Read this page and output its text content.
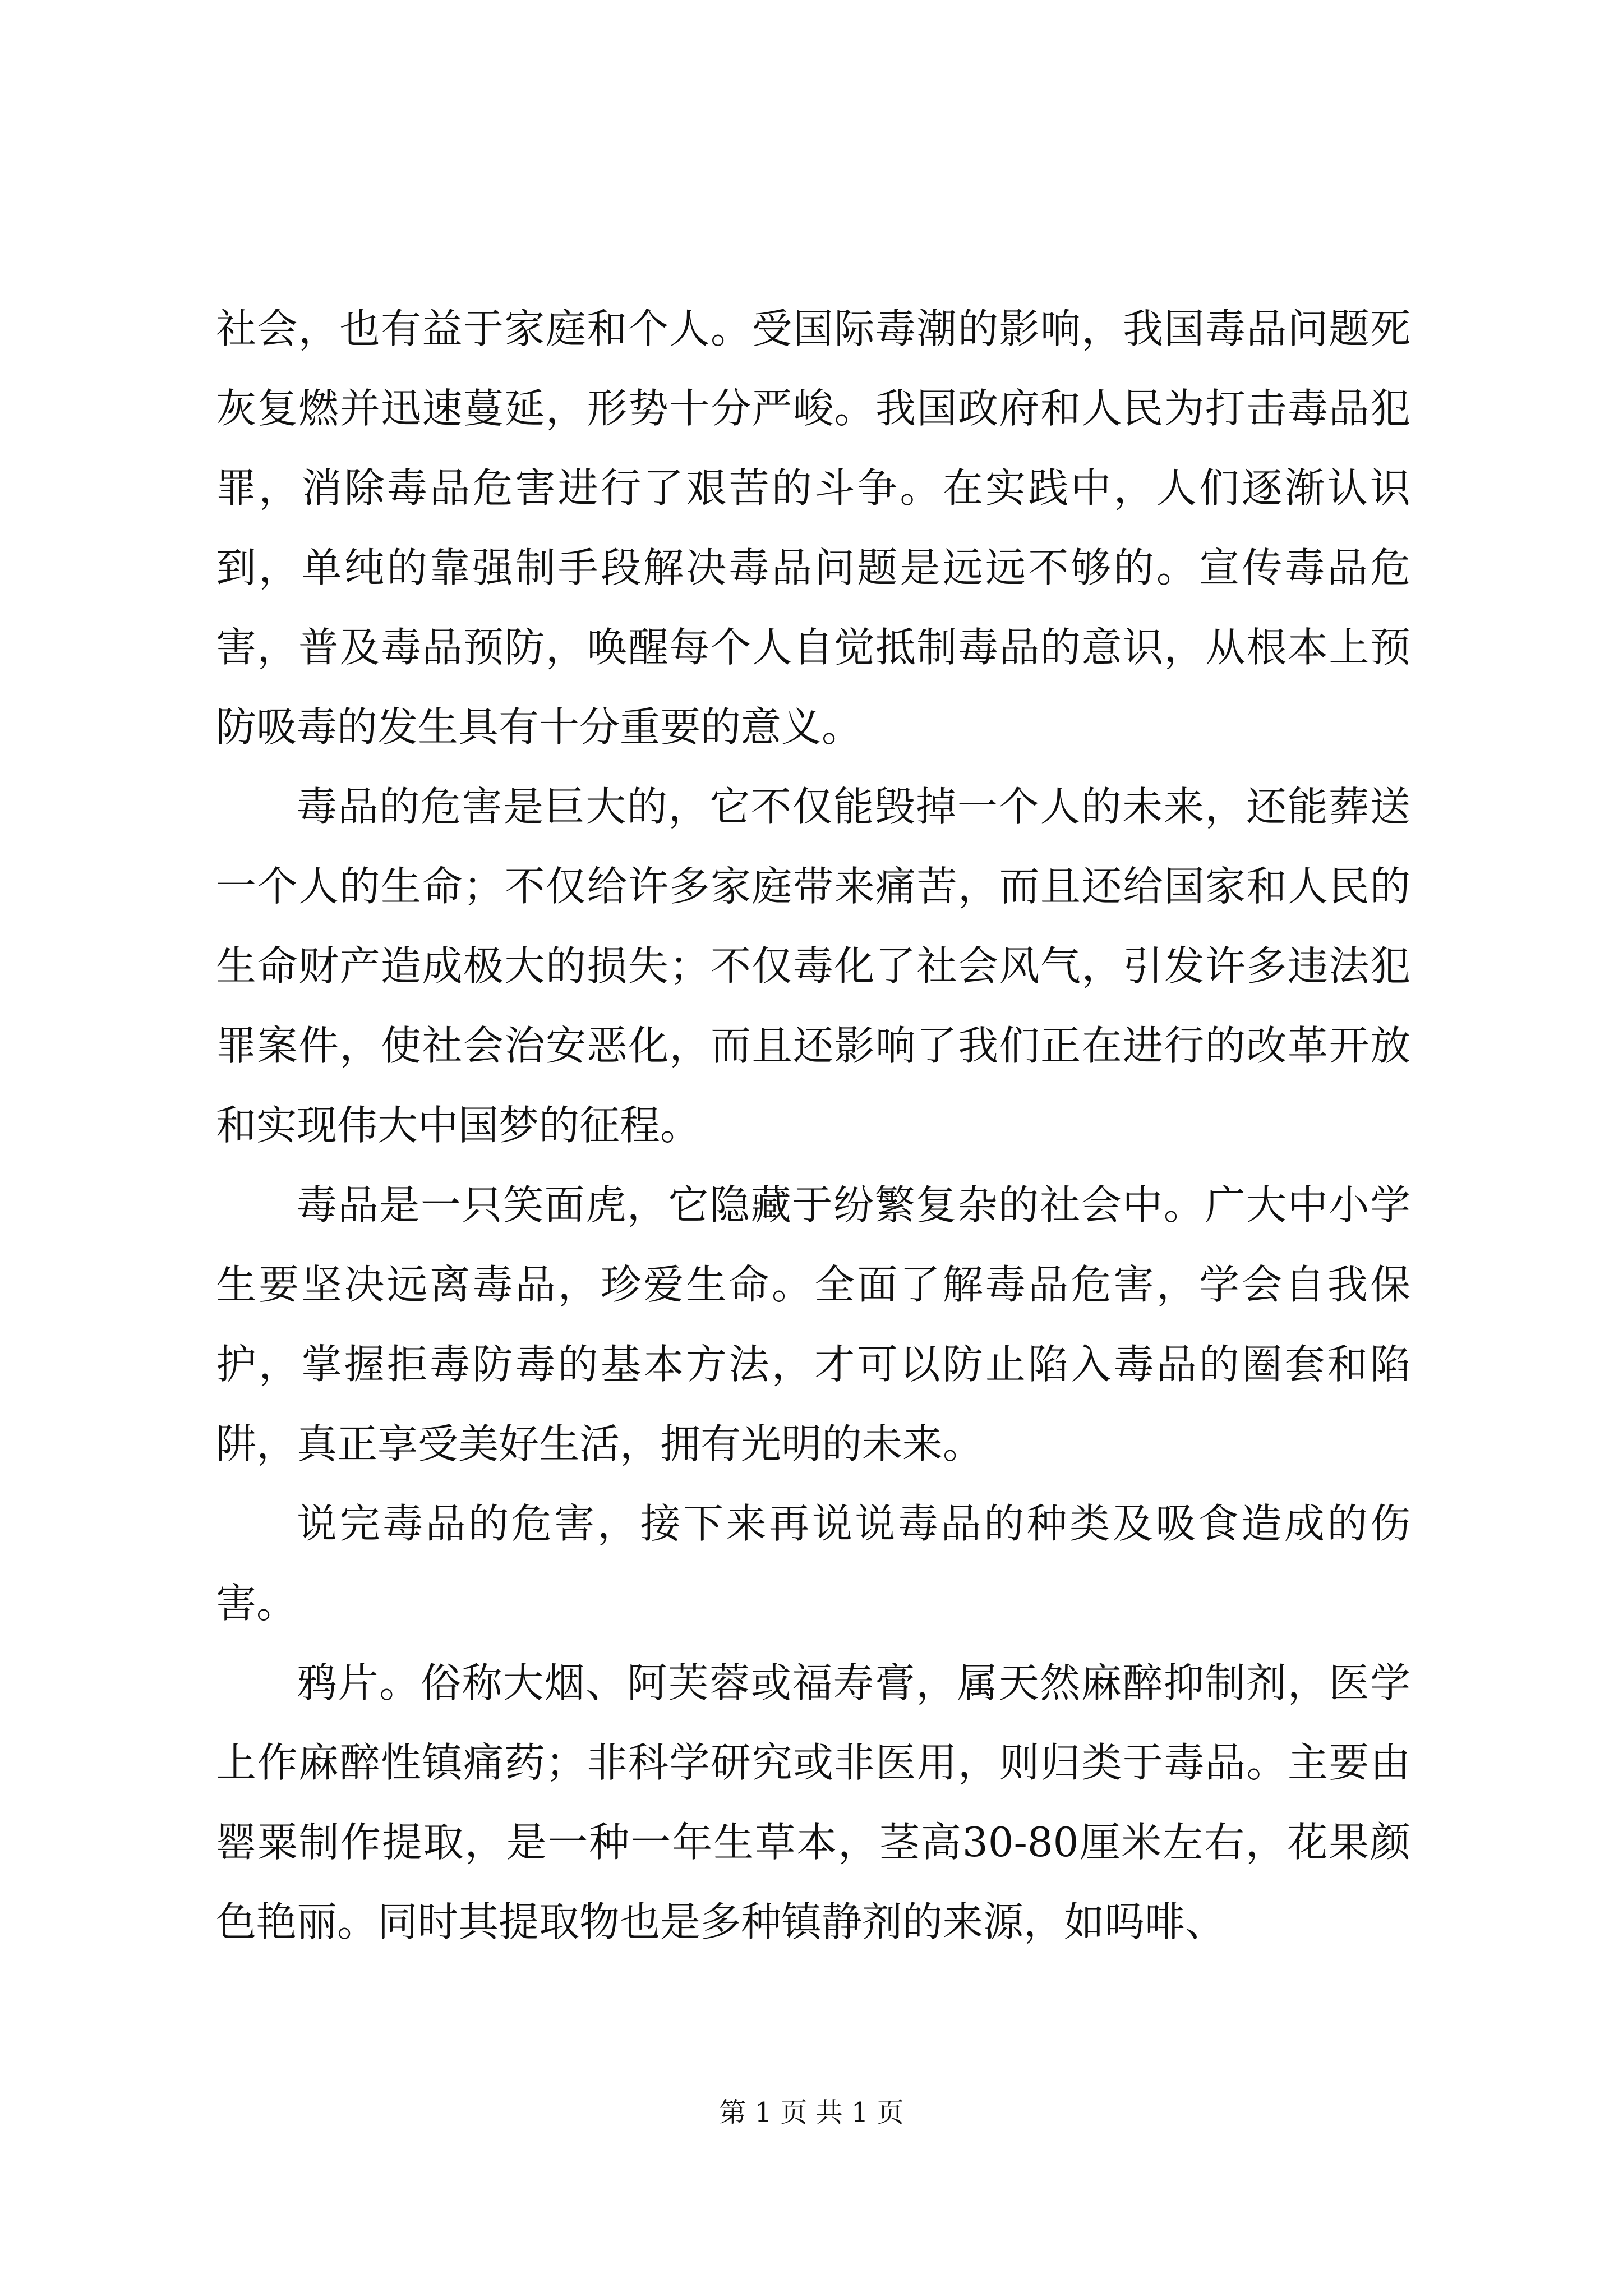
社会，也有益于家庭和个人。受国际毒潮的影响，我国毒品问题死灰复燃并迅速蔓延，形势十分严峻。我国政府和人民为打击毒品犯罪，消除毒品危害进行了艰苦的斗争。在实践中，人们逐渐认识到，单纯的靠强制手段解决毒品问题是远远不够的。宣传毒品危害，普及毒品预防，唤醒每个人自觉抵制毒品的意识，从根本上预防吸毒的发生具有十分重要的意义。

毒品的危害是巨大的，它不仅能毁掉一个人的未来，还能葬送一个人的生命；不仅给许多家庭带来痛苦，而且还给国家和人民的生命财产造成极大的损失；不仅毒化了社会风气，引发许多违法犯罪案件，使社会治安恶化，而且还影响了我们正在进行的改革开放和实现伟大中国梦的征程。

毒品是一只笑面虎，它隐藏于纷繁复杂的社会中。广大中小学生要坚决远离毒品，珍爱生命。全面了解毒品危害，学会自我保护，掌握拒毒防毒的基本方法，才可以防止陷入毒品的圈套和陷阱，真正享受美好生活，拥有光明的未来。

说完毒品的危害，接下来再说说毒品的种类及吸食造成的伤害。

鸦片。俗称大烟、阿芙蓉或福寿膏，属天然麻醉抑制剂，医学上作麻醉性镇痛药；非科学研究或非医用，则归类于毒品。主要由罂粟制作提取，是一种一年生草本，茎高30-80厘米左右，花果颜色艳丽。同时其提取物也是多种镇静剂的来源，如吗啡、

第 1 页 共 1 页
